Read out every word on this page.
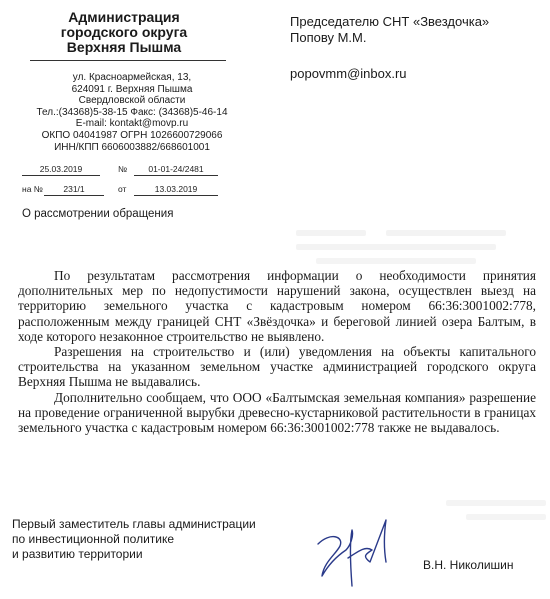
Администрация
городского округа
Верхняя Пышма
ул. Красноармейская, 13,
624091 г. Верхняя Пышма
Свердловской области
Тел.:(34368)5-38-15 Факс: (34368)5-46-14
E-mail: kontakt@movp.ru
ОКПО 04041987 ОГРН 1026600729066
ИНН/КПП 6606003882/668601001
25.03.2019	№	01-01-24/2481
на №	231/1	от	13.03.2019
О рассмотрении обращения
Председателю СНТ «Звездочка»
Попову М.М.
popovmm@inbox.ru

По результатам рассмотрения информации о необходимости принятия дополнительных мер по недопустимости нарушений закона, осуществлен выезд на территорию земельного участка с кадастровым номером 66:36:3001002:778, расположенным между границей СНТ «Звёздочка» и береговой линией озера Балтым, в ходе которого незаконное строительство не выявлено.

Разрешения на строительство и (или) уведомления на объекты капитального строительства на указанном земельном участке администрацией городского округа Верхняя Пышма не выдавались.

Дополнительно сообщаем, что ООО «Балтымская земельная компания» разрешение на проведение ограниченной вырубки древесно-кустарниковой растительности в границах земельного участка с кадастровым номером 66:36:3001002:778 также не выдавалось.

Первый заместитель главы администрации
по инвестиционной политике
и развитию территории
В.Н. Николишин
